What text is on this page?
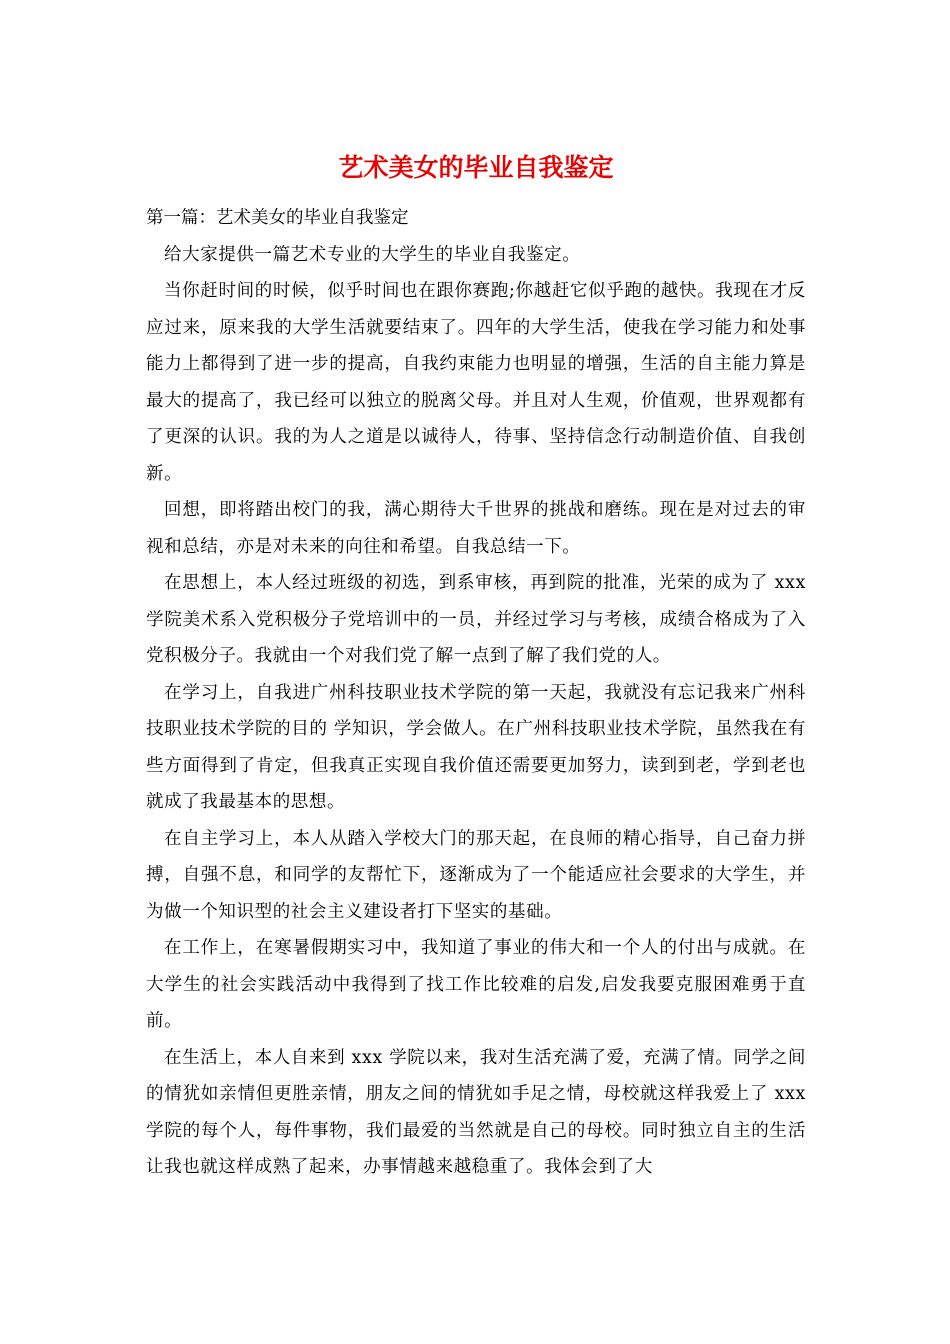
艺术美女的毕业自我鉴定

第一篇：艺术美女的毕业自我鉴定

给大家提供一篇艺术专业的大学生的毕业自我鉴定。

当你赶时间的时候，似乎时间也在跟你赛跑;你越赶它似乎跑的越快。我现在才反应过来，原来我的大学生活就要结束了。四年的大学生活，使我在学习能力和处事能力上都得到了进一步的提高，自我约束能力也明显的增强，生活的自主能力算是最大的提高了，我已经可以独立的脱离父母。并且对人生观，价值观，世界观都有了更深的认识。我的为人之道是以诚待人，待事、坚持信念行动制造价值、自我创新。

回想，即将踏出校门的我，满心期待大千世界的挑战和磨练。现在是对过去的审视和总结，亦是对未来的向往和希望。自我总结一下。

在思想上，本人经过班级的初选，到系审核，再到院的批准，光荣的成为了 xxx 学院美术系入党积极分子党培训中的一员，并经过学习与考核，成绩合格成为了入党积极分子。我就由一个对我们党了解一点到了解了我们党的人。

在学习上，自我进广州科技职业技术学院的第一天起，我就没有忘记我来广州科技职业技术学院的目的 学知识，学会做人。在广州科技职业技术学院，虽然我在有些方面得到了肯定，但我真正实现自我价值还需要更加努力，读到到老，学到老也就成了我最基本的思想。

在自主学习上，本人从踏入学校大门的那天起，在良师的精心指导，自己奋力拼搏，自强不息，和同学的友帮忙下，逐渐成为了一个能适应社会要求的大学生，并为做一个知识型的社会主义建设者打下坚实的基础。

在工作上，在寒暑假期实习中，我知道了事业的伟大和一个人的付出与成就。在大学生的社会实践活动中我得到了找工作比较难的启发,启发我要克服困难勇于直前。

在生活上，本人自来到 xxx 学院以来，我对生活充满了爱，充满了情。同学之间的情犹如亲情但更胜亲情，朋友之间的情犹如手足之情，母校就这样我爱上了 xxx 学院的每个人，每件事物，我们最爱的当然就是自己的母校。同时独立自主的生活让我也就这样成熟了起来，办事情越来越稳重了。我体会到了大
